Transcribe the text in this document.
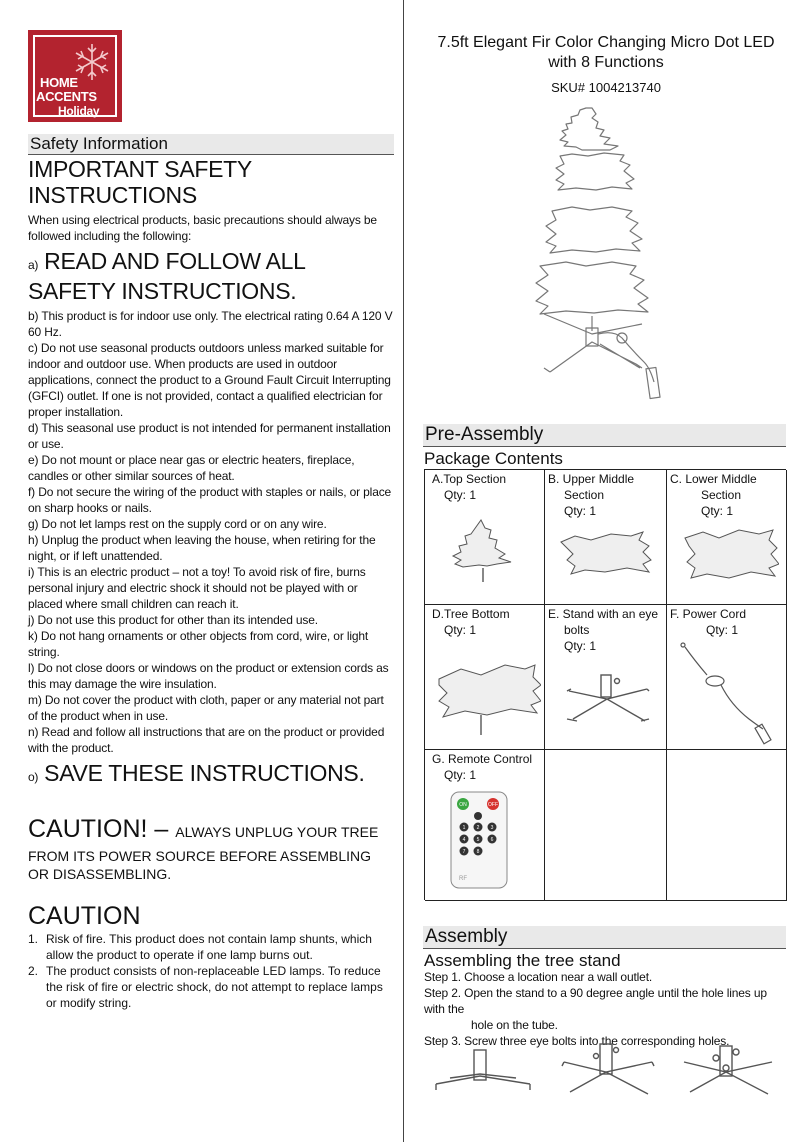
HOME
ACCENTS
Holiday
Safety Information
IMPORTANT SAFETY INSTRUCTIONS
When using electrical products, basic precautions should always be followed including the following:
a) READ AND FOLLOW ALL SAFETY INSTRUCTIONS.
b) This product is for indoor use only. The electrical rating 0.64 A 120 V 60 Hz.
c) Do not use seasonal products outdoors unless marked suitable for indoor and outdoor use. When products are used in outdoor applications, connect the product to a Ground Fault Circuit Interrupting (GFCI) outlet. If one is not provided, contact a qualified electrician for proper installation.
d) This seasonal use product is not intended for permanent installation or use.
e) Do not mount or place near gas or electric heaters, fireplace, candles or other similar sources of heat.
f) Do not secure the wiring of the product with staples or nails, or place on sharp hooks or nails.
g) Do not let lamps rest on the supply cord or on any wire.
h) Unplug the product when leaving the house, when retiring for the night, or if left unattended.
i) This is an electric product – not a toy! To avoid risk of fire, burns personal injury and electric shock it should not be played with or placed where small children can reach it.
j) Do not use this product for other than its intended use.
k) Do not hang ornaments or other objects from cord, wire, or light string.
l) Do not close doors or windows on the product or extension cords as this may damage the wire insulation.
m) Do not cover the product with cloth, paper or any material not part of the product when in use.
n) Read and follow all instructions that are on the product or provided with the product.
o) SAVE THESE INSTRUCTIONS.
CAUTION! – ALWAYS UNPLUG YOUR TREE
FROM ITS POWER SOURCE BEFORE ASSEMBLING OR DISASSEMBLING.
CAUTION
1. Risk of fire. This product does not contain lamp shunts, which allow the product to operate if one lamp burns out.
2. The product consists of non-replaceable LED lamps. To reduce the risk of fire or electric shock, do not attempt to replace lamps or modify string.
7.5ft Elegant Fir Color Changing Micro Dot LED
with 8 Functions
SKU# 1004213740
Pre-Assembly
Package Contents
A.Top Section
Qty: 1
B. Upper Middle
Section
Qty: 1
C. Lower Middle
Section
Qty: 1
D.Tree Bottom
Qty: 1
E. Stand with an eye
bolts
Qty: 1
F. Power Cord
Qty: 1
G. Remote Control
Qty: 1
ON	OFF
1 2 3
4 5 6
7 8
RF
Assembly
Assembling the tree stand
Step 1. Choose a location near a wall outlet.
Step 2. Open the stand to a 90 degree angle until the hole lines up with the
hole on the tube.
Step 3. Screw three eye bolts into the corresponding holes.
